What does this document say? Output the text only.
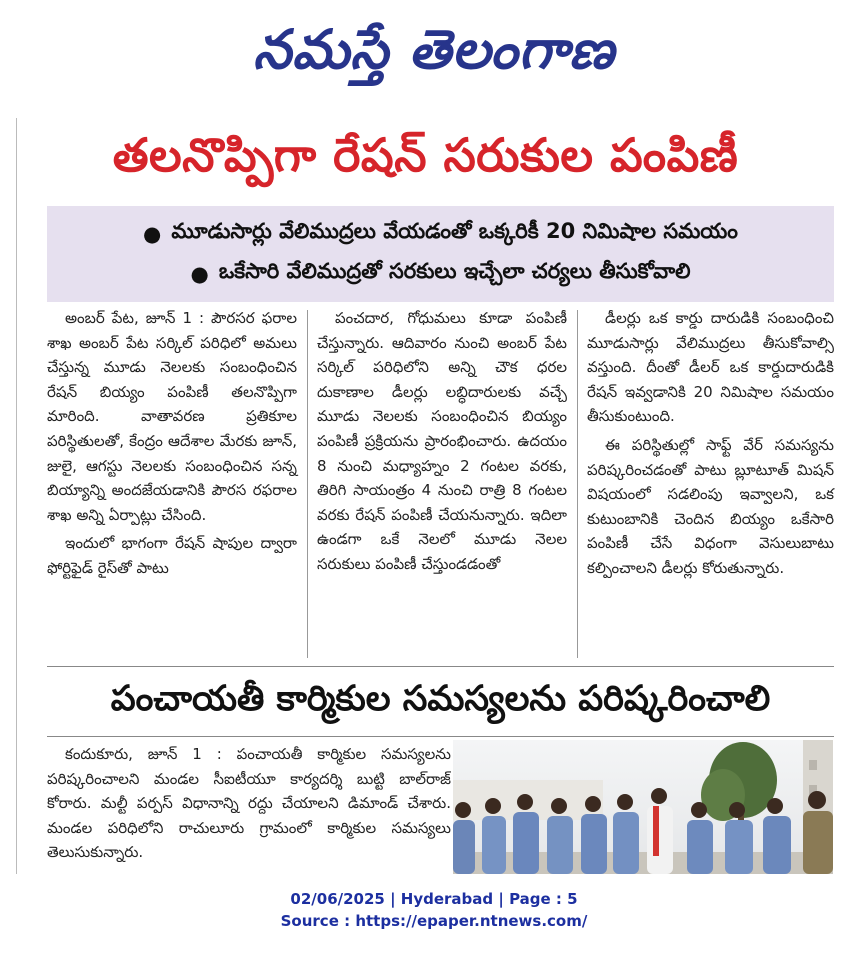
నమస్తే తెలంగాణ
తలనొప్పిగా రేషన్ సరుకుల పంపిణీ
● మూడుసార్లు వేలిముద్రలు వేయడంతో ఒక్కరికీ 20 నిమిషాల సమయం
● ఒకేసారి వేలిముద్రతో సరకులు ఇచ్చేలా చర్యలు తీసుకోవాలి

అంబర్ పేట, జూన్ 1 : పౌరసర ఫరాల శాఖ అంబర్ పేట సర్కిల్ పరిధిలో అమలు చేస్తున్న మూడు నెలలకు సంబంధించిన రేషన్ బియ్యం పంపిణీ తలనొప్పిగా మారింది. వాతావరణ ప్రతికూల పరిస్థితులతో, కేంద్రం ఆదేశాల మేరకు జూన్, జులై, ఆగస్టు నెలలకు సంబంధించిన సన్న బియ్యాన్ని అందజేయడానికి పౌరస రఫరాల శాఖ అన్ని ఏర్పాట్లు చేసింది.

ఇందులో భాగంగా రేషన్ షాపుల ద్వారా ఫోర్టిఫైడ్ రైస్‌తో పాటు

పంచదార, గోధుమలు కూడా పంపిణీ చేస్తున్నారు. ఆదివారం నుంచి అంబర్ పేట సర్కిల్ పరిధిలోని అన్ని చౌక ధరల దుకాణాల డీలర్లు లబ్ధిదారులకు వచ్చే మూడు నెలలకు సంబంధించిన బియ్యం పంపిణీ ప్రక్రియను ప్రారంభించారు. ఉదయం 8 నుంచి మధ్యాహ్నం 2 గంటల వరకు, తిరిగి సాయంత్రం 4 నుంచి రాత్రి 8 గంటల వరకు రేషన్ పంపిణీ చేయనున్నారు. ఇదిలా ఉండగా ఒకే నెలలో మూడు నెలల సరుకులు పంపిణీ చేస్తుండడంతో

డీలర్లు ఒక కార్డు దారుడికి సంబంధించి మూడుసార్లు వేలిముద్రలు తీసుకోవాల్సి వస్తుంది. దీంతో డీలర్ ఒక కార్డుదారుడికి రేషన్ ఇవ్వడానికి 20 నిమిషాల సమయం తీసుకుంటుంది.

ఈ పరిస్థితుల్లో సాఫ్ట్ వేర్ సమస్యను పరిష్కరించడంతో పాటు బ్లూటూత్ మిషన్ విషయంలో సడలింపు ఇవ్వాలని, ఒక కుటుంబానికి చెందిన బియ్యం ఒకేసారి పంపిణీ చేసే విధంగా వెసులుబాటు కల్పించాలని డీలర్లు కోరుతున్నారు.

పంచాయతీ కార్మికుల సమస్యలను పరిష్కరించాలి

కందుకూరు, జూన్ 1 : పంచాయతీ కార్మికుల సమస్యలను పరిష్కరించాలని మండల సీఐటీయూ కార్యదర్శి బుట్టి బాల్‌రాజ్ కోరారు. మల్టీ పర్పస్ విధానాన్ని రద్దు చేయాలని డిమాండ్ చేశారు. మండల పరిధిలోని రాచులూరు గ్రామంలో కార్మికుల సమస్యలు తెలుసుకున్నారు.

02/06/2025 | Hyderabad | Page : 5
Source : https://epaper.ntnews.com/
